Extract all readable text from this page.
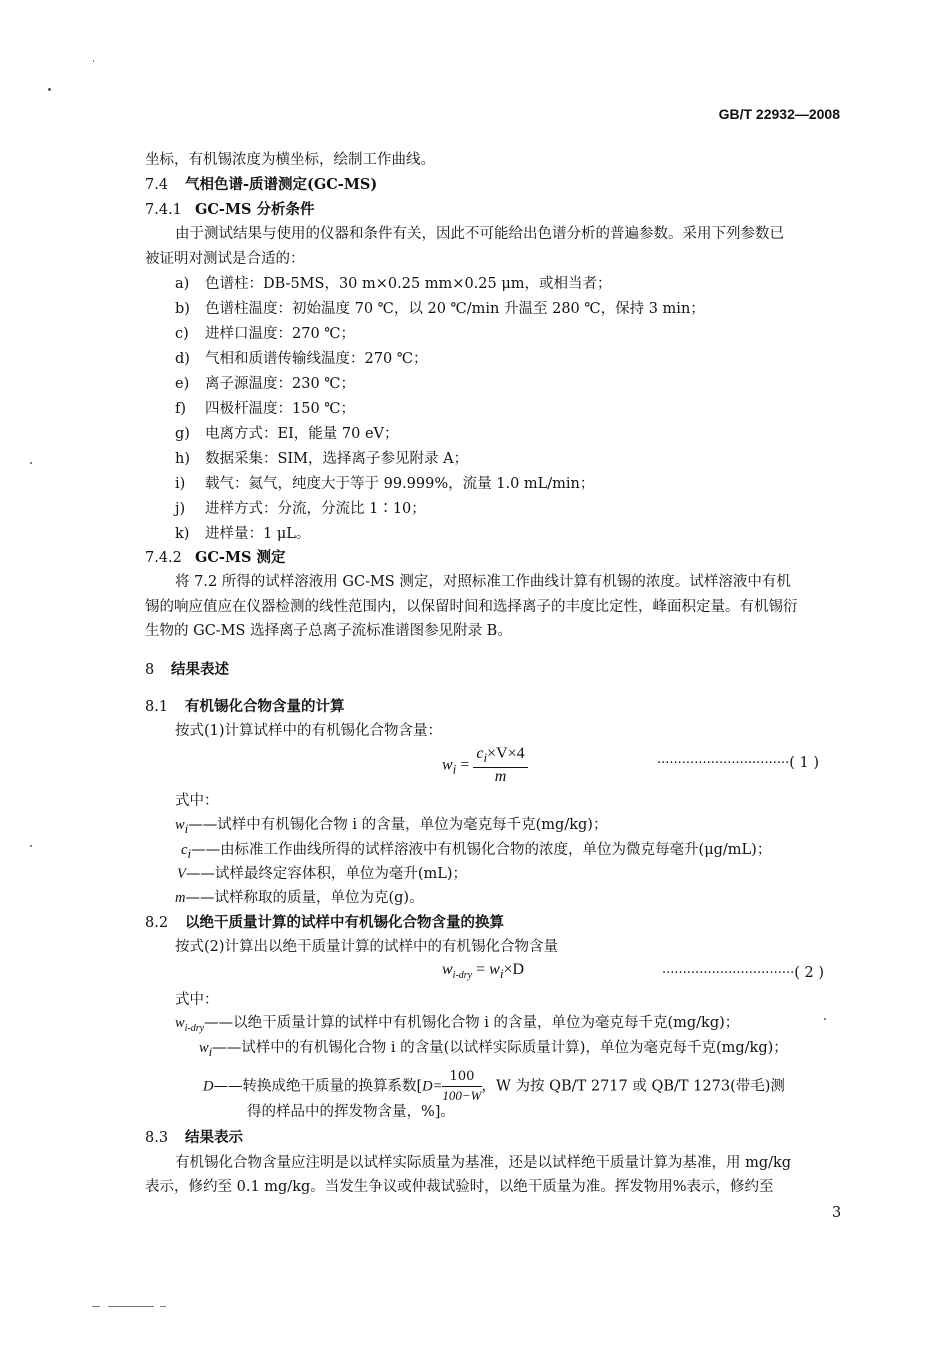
GB/T 22932—2008
坐标，有机锡浓度为横坐标，绘制工作曲线。
7.4 气相色谱-质谱测定(GC-MS)
7.4.1 GC-MS 分析条件
由于测试结果与使用的仪器和条件有关，因此不可能给出色谱分析的普遍参数。采用下列参数已
被证明对测试是合适的：
a) 色谱柱：DB-5MS，30 m×0.25 mm×0.25 μm，或相当者；
b) 色谱柱温度：初始温度 70 ℃，以 20 ℃/min 升温至 280 ℃，保持 3 min；
c) 进样口温度：270 ℃；
d) 气相和质谱传输线温度：270 ℃；
e) 离子源温度：230 ℃；
f) 四极杆温度：150 ℃；
g) 电离方式：EI，能量 70 eV；
h) 数据采集：SIM，选择离子参见附录 A；
i) 载气：氦气，纯度大于等于 99.999%，流量 1.0 mL/min；
j) 进样方式：分流，分流比 1∶10；
k) 进样量：1 μL。
7.4.2 GC-MS 测定
将 7.2 所得的试样溶液用 GC-MS 测定，对照标准工作曲线计算有机锡的浓度。试样溶液中有机
锡的响应值应在仪器检测的线性范围内，以保留时间和选择离子的丰度比定性，峰面积定量。有机锡衍
生物的 GC-MS 选择离子总离子流标准谱图参见附录 B。
8 结果表述
8.1 有机锡化合物含量的计算
按式(1)计算试样中的有机锡化合物含量：
$w_i = \frac{c_i\times V\times 4}{m}$	································( 1 )
式中：
$w_i——$试样中有机锡化合物 i 的含量，单位为毫克每千克(mg/kg)；
$c_i——$由标准工作曲线所得的试样溶液中有机锡化合物的浓度，单位为微克每毫升(μg/mL)；
V——试样最终定容体积，单位为毫升(mL)；
m——试样称取的质量，单位为克(g)。
8.2 以绝干质量计算的试样中有机锡化合物含量的换算
按式(2)计算出以绝干质量计算的试样中的有机锡化合物含量
$w_{i-dry} = w_i\times D$	································( 2 )
式中：
$w_{i-dry}——$以绝干质量计算的试样中有机锡化合物 i 的含量，单位为毫克每千克(mg/kg)；
$w_i——$试样中的有机锡化合物 i 的含量(以试样实际质量计算)，单位为毫克每千克(mg/kg)；
D——转换成绝干质量的换算系数[$D= \frac{100}{100-W}$ ，W 为按 QB/T 2717 或 QB/T 1273(带毛)测
得的样品中的挥发物含量，%]。
8.3 结果表示
有机锡化合物含量应注明是以试样实际质量为基准，还是以试样绝干质量计算为基准，用 mg/kg
表示，修约至 0.1 mg/kg。当发生争议或仲裁试验时，以绝干质量为准。挥发物用%表示，修约至
3
